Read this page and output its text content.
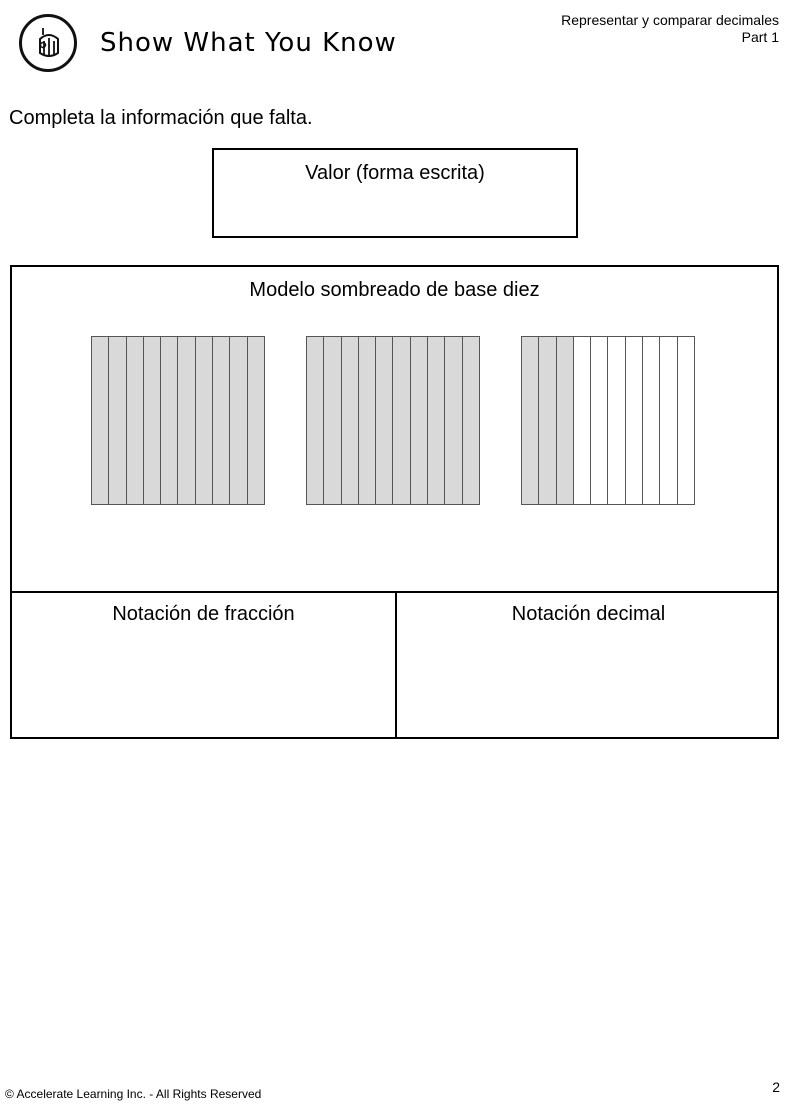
Show What You Know
Representar y comparar decimales
Part 1
Completa la información que falta.
Valor (forma escrita)
Modelo sombreado de base diez
Notación de fracción	Notación decimal
© Accelerate Learning Inc. - All Rights Reserved	2
